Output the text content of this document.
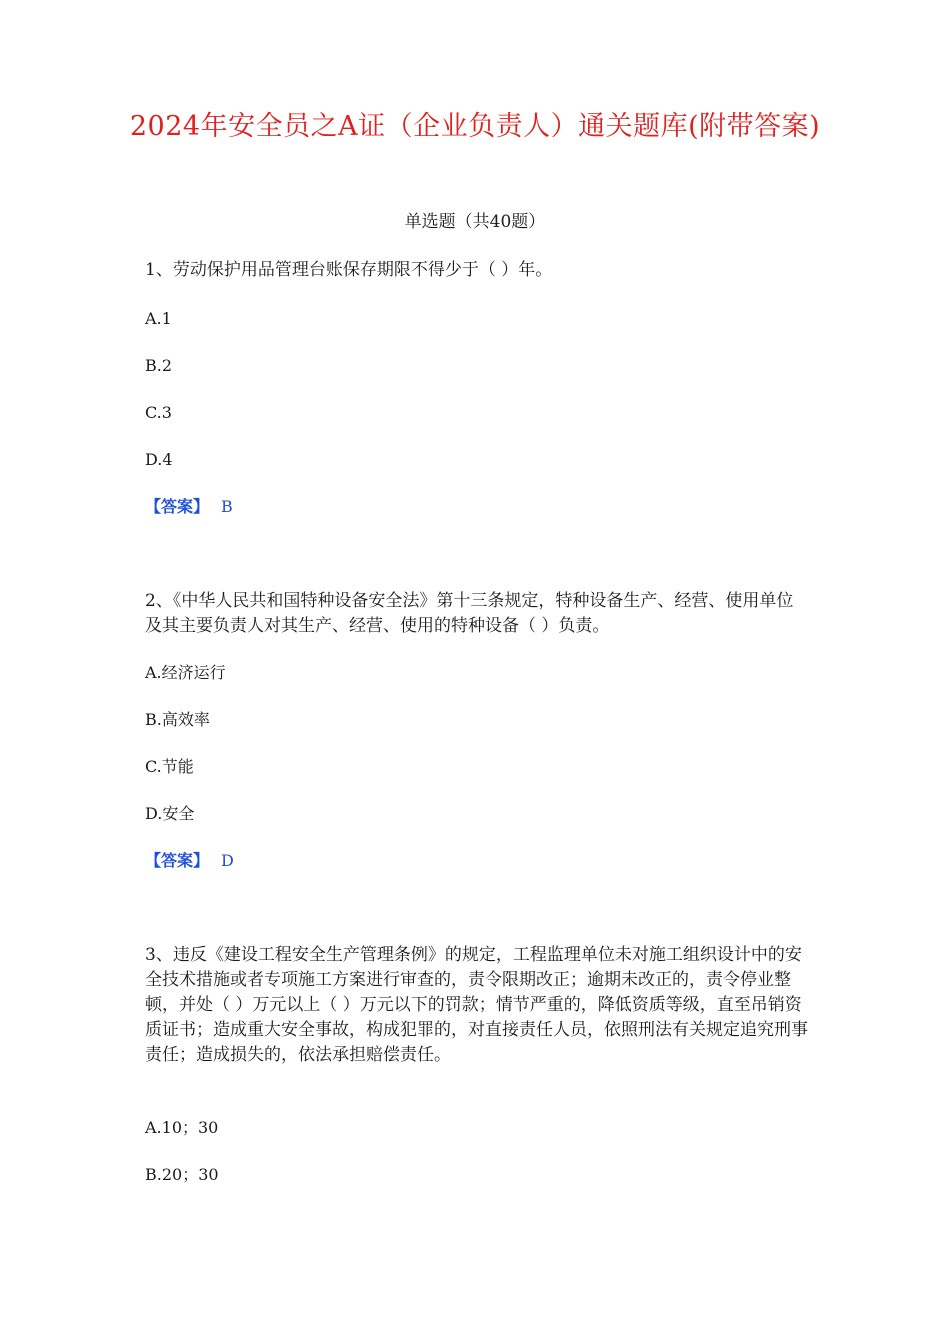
2024年安全员之A证（企业负责人）通关题库(附带答案)
单选题（共40题）
1、劳动保护用品管理台账保存期限不得少于（ ）年。
A.1
B.2
C.3
D.4
【答案】 B
2、《中华人民共和国特种设备安全法》第十三条规定，特种设备生产、经营、使用单位及其主要负责人对其生产、经营、使用的特种设备（ ）负责。
A.经济运行
B.高效率
C.节能
D.安全
【答案】 D
3、违反《建设工程安全生产管理条例》的规定，工程监理单位未对施工组织设计中的安全技术措施或者专项施工方案进行审查的，责令限期改正；逾期未改正的，责令停业整顿，并处（ ）万元以上（ ）万元以下的罚款；情节严重的，降低资质等级，直至吊销资质证书；造成重大安全事故，构成犯罪的，对直接责任人员，依照刑法有关规定追究刑事责任；造成损失的，依法承担赔偿责任。
A.10；30
B.20；30
